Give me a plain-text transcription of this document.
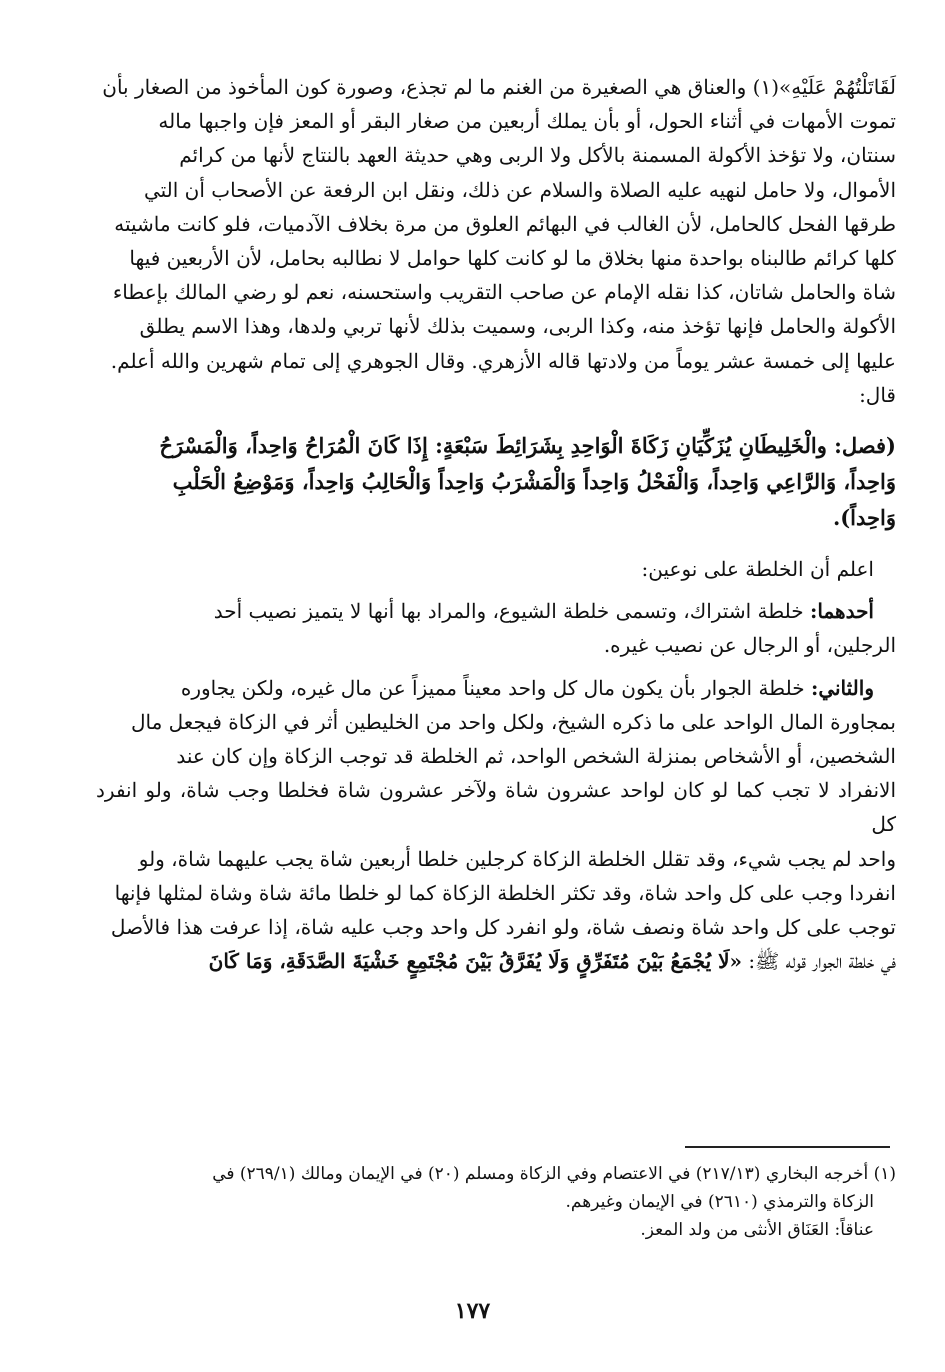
لَقَاتَلْتُهُمْ عَلَيْهِ»(١) والعناق هي الصغيرة من الغنم ما لم تجذع، وصورة كون المأخوذ من الصغار بأن

تموت الأمهات في أثناء الحول، أو بأن يملك أربعين من صغار البقر أو المعز فإن واجبها ماله

سنتان، ولا تؤخذ الأكولة المسمنة بالأكل ولا الربى وهي حديثة العهد بالنتاج لأنها من كرائم

الأموال، ولا حامل لنهيه عليه الصلاة والسلام عن ذلك، ونقل ابن الرفعة عن الأصحاب أن التي

طرقها الفحل كالحامل، لأن الغالب في البهائم العلوق من مرة بخلاف الآدميات، فلو كانت ماشيته

كلها كرائم طالبناه بواحدة منها بخلاق ما لو كانت كلها حوامل لا نطالبه بحامل، لأن الأربعين فيها

شاة والحامل شاتان، كذا نقله الإمام عن صاحب التقريب واستحسنه، نعم لو رضي المالك بإعطاء

الأكولة والحامل فإنها تؤخذ منه، وكذا الربى، وسميت بذلك لأنها تربي ولدها، وهذا الاسم يطلق

عليها إلى خمسة عشر يوماً من ولادتها قاله الأزهري. وقال الجوهري إلى تمام شهرين والله أعلم.

قال:

(فصل: والْخَلِيطَانِ يُزَكِّيَانِ زَكَاةَ الْوَاحِدِ بِشَرَائِطَ سَبْعَةٍ: إِذَا كَانَ الْمُرَاحُ وَاحِداً، وَالْمَسْرَحُ

وَاحِداً، وَالرَّاعِي وَاحِداً، وَالْفَحْلُ وَاحِداً وَالْمَشْرَبُ وَاحِداً وَالْحَالِبُ وَاحِداً، وَمَوْضِعُ الْحَلْبِ

وَاحِداً).

اعلم أن الخلطة على نوعين:

أحدهما: خلطة اشتراك، وتسمى خلطة الشيوع، والمراد بها أنها لا يتميز نصيب أحد

الرجلين، أو الرجال عن نصيب غيره.

والثاني: خلطة الجوار بأن يكون مال كل واحد معيناً مميزاً عن مال غيره، ولكن يجاوره

بمجاورة المال الواحد على ما ذكره الشيخ، ولكل واحد من الخليطين أثر في الزكاة فيجعل مال

الشخصين، أو الأشخاص بمنزلة الشخص الواحد، ثم الخلطة قد توجب الزكاة وإن كان عند

الانفراد لا تجب كما لو كان لواحد عشرون شاة ولآخر عشرون شاة فخلطا وجب شاة، ولو انفرد كل

واحد لم يجب شيء، وقد تقلل الخلطة الزكاة كرجلين خلطا أربعين شاة يجب عليهما شاة، ولو

انفردا وجب على كل واحد شاة، وقد تكثر الخلطة الزكاة كما لو خلطا مائة شاة وشاة لمثلها فإنها

توجب على كل واحد شاة ونصف شاة، ولو انفرد كل واحد وجب عليه شاة، إذا عرفت هذا فالأصل

في خلطة الجوار قوله ﷺ: «لَا يُجْمَعُ بَيْنَ مُتَفَرِّقٍ وَلَا يُفَرَّقُ بَيْنَ مُجْتَمِعٍ خَشْيَةَ الصَّدَقَةِ، وَمَا كَانَ

(١) أخرجه البخاري (٢١٧/١٣) في الاعتصام وفي الزكاة ومسلم (٢٠) في الإيمان ومالك (٢٦٩/١) في

الزكاة والترمذي (٢٦١٠) في الإيمان وغيرهم.

عناقاً: العَنَاق الأنثى من ولد المعز.

١٧٧
